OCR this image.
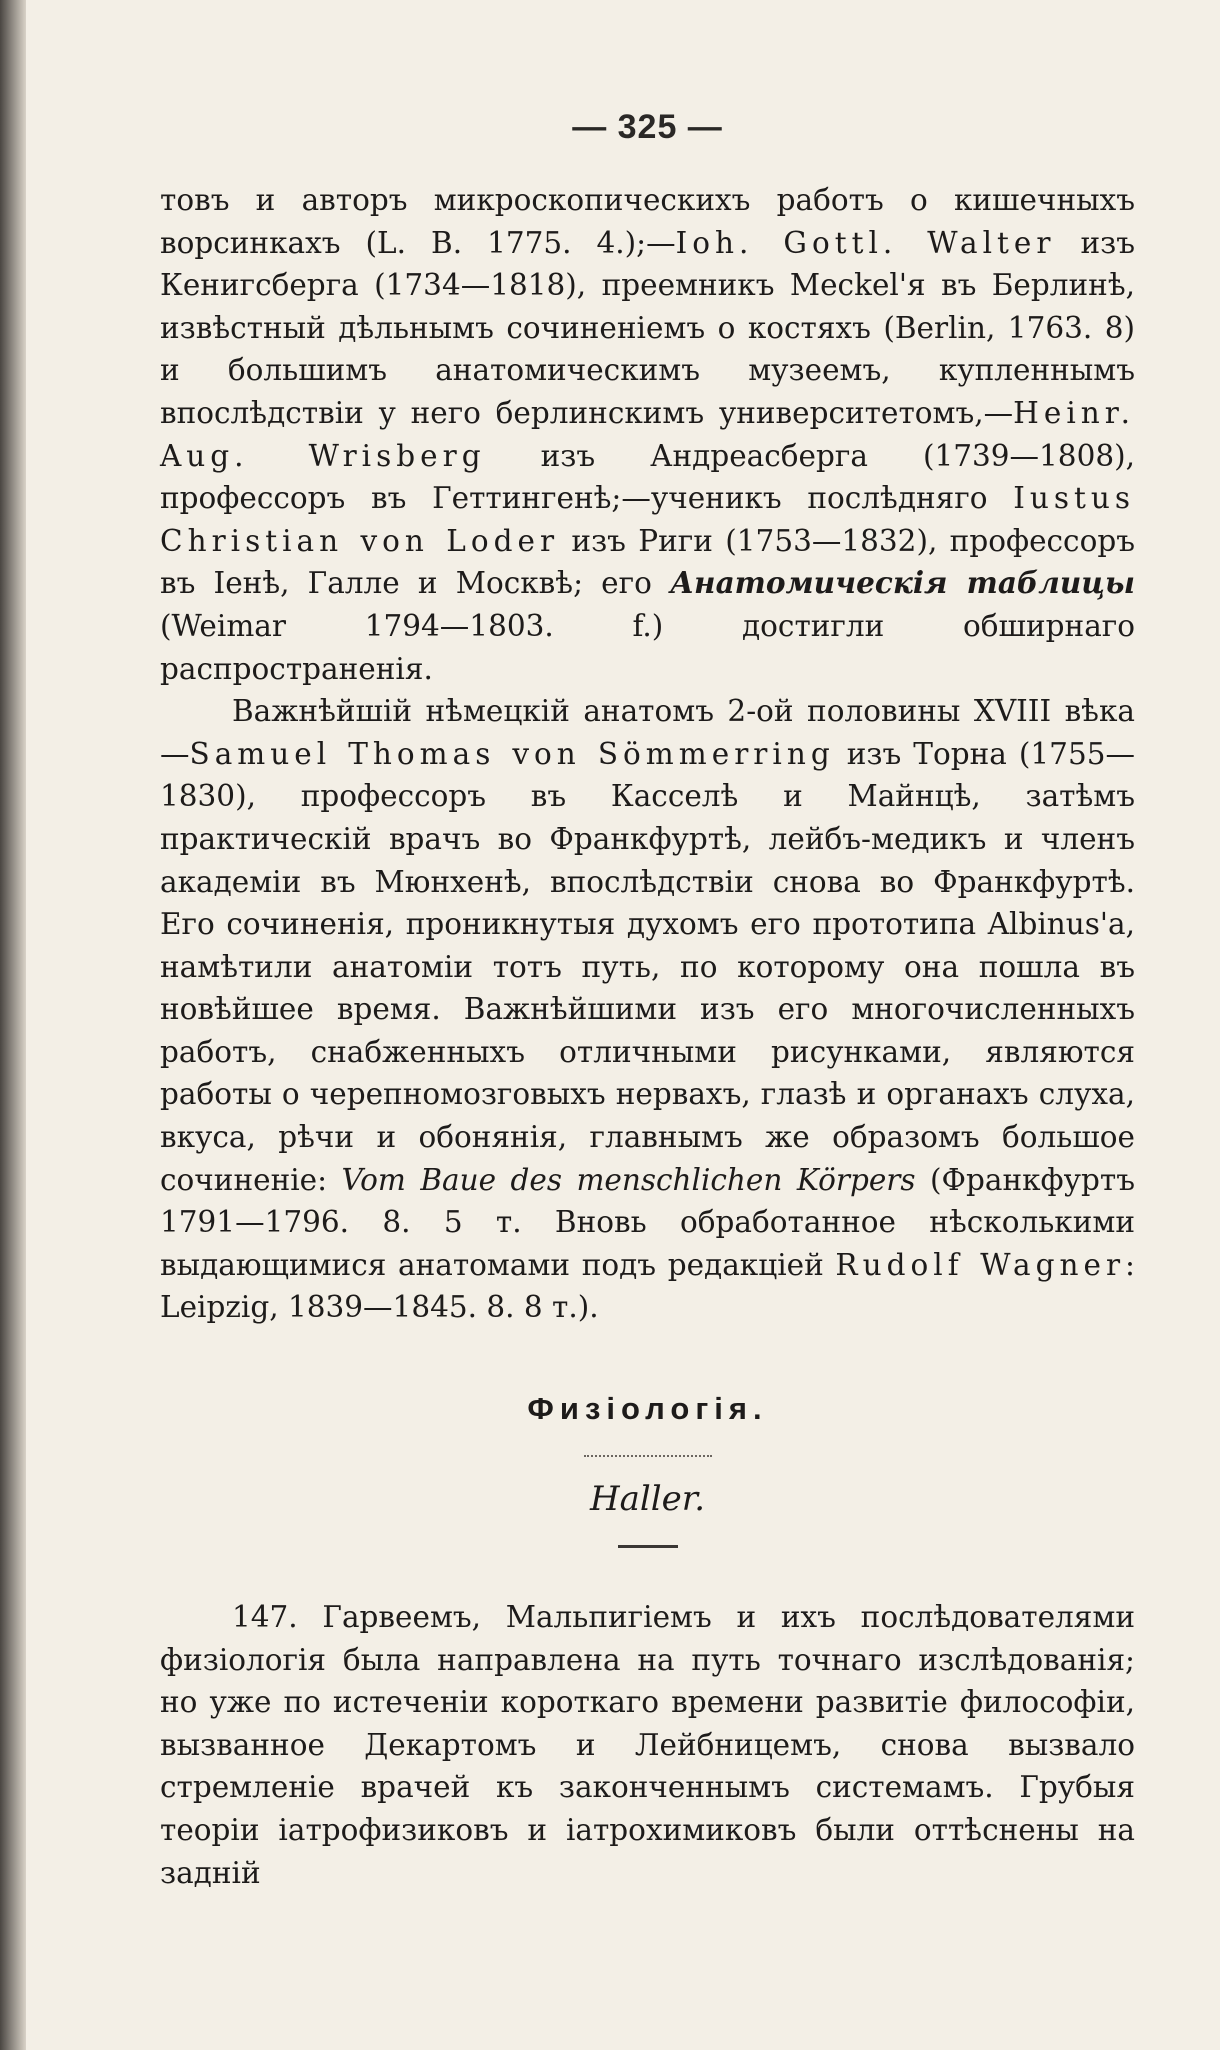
— 325 —

товъ и авторъ микроскопическихъ работъ о кишечныхъ ворсинкахъ (L. B. 1775. 4.);—Ioh. Gottl. Walter изъ Кенигсберга (1734—1818), преемникъ Meckel'я въ Берлинѣ, извѣстный дѣльнымъ сочиненіемъ о костяхъ (Berlin, 1763. 8) и большимъ анатомическимъ музеемъ, купленнымъ впослѣдствіи у него берлинскимъ университетомъ,—Heinr. Aug. Wrisberg изъ Андреасберга (1739—1808), профессоръ въ Геттингенѣ;—ученикъ послѣдняго Iustus Christian von Loder изъ Риги (1753—1832), профессоръ въ Іенѣ, Галле и Москвѣ; его Анатомическія таблицы (Weimar 1794—1803. f.) достигли обширнаго распространенія.

Важнѣйшій нѣмецкій анатомъ 2-ой половины XVIII вѣка—Samuel Thomas von Sömmerring изъ Торна (1755—1830), профессоръ въ Касселѣ и Майнцѣ, затѣмъ практическій врачъ во Франкфуртѣ, лейбъ-медикъ и членъ академіи въ Мюнхенѣ, впослѣдствіи снова во Франкфуртѣ. Его сочиненія, проникнутыя духомъ его прототипа Albinus'а, намѣтили анатоміи тотъ путь, по которому она пошла въ новѣйшее время. Важнѣйшими изъ его многочисленныхъ работъ, снабженныхъ отличными рисунками, являются работы о черепномозговыхъ нервахъ, глазѣ и органахъ слуха, вкуса, рѣчи и обонянія, главнымъ же образомъ большое сочиненіе: Vom Baue des menschlichen Körpers (Франкфуртъ 1791—1796. 8. 5 т. Вновь обработанное нѣсколькими выдающимися анатомами подъ редакціей Rudolf Wagner: Leipzig, 1839—1845. 8. 8 т.).

Физіологія.
Haller.

147. Гарвеемъ, Мальпигіемъ и ихъ послѣдователями физіологія была направлена на путь точнаго изслѣдованія; но уже по истеченіи короткаго времени развитіе философіи, вызванное Декартомъ и Лейбницемъ, снова вызвало стремленіе врачей къ законченнымъ системамъ. Грубыя теоріи іатрофизиковъ и іатрохимиковъ были оттѣснены на задній
